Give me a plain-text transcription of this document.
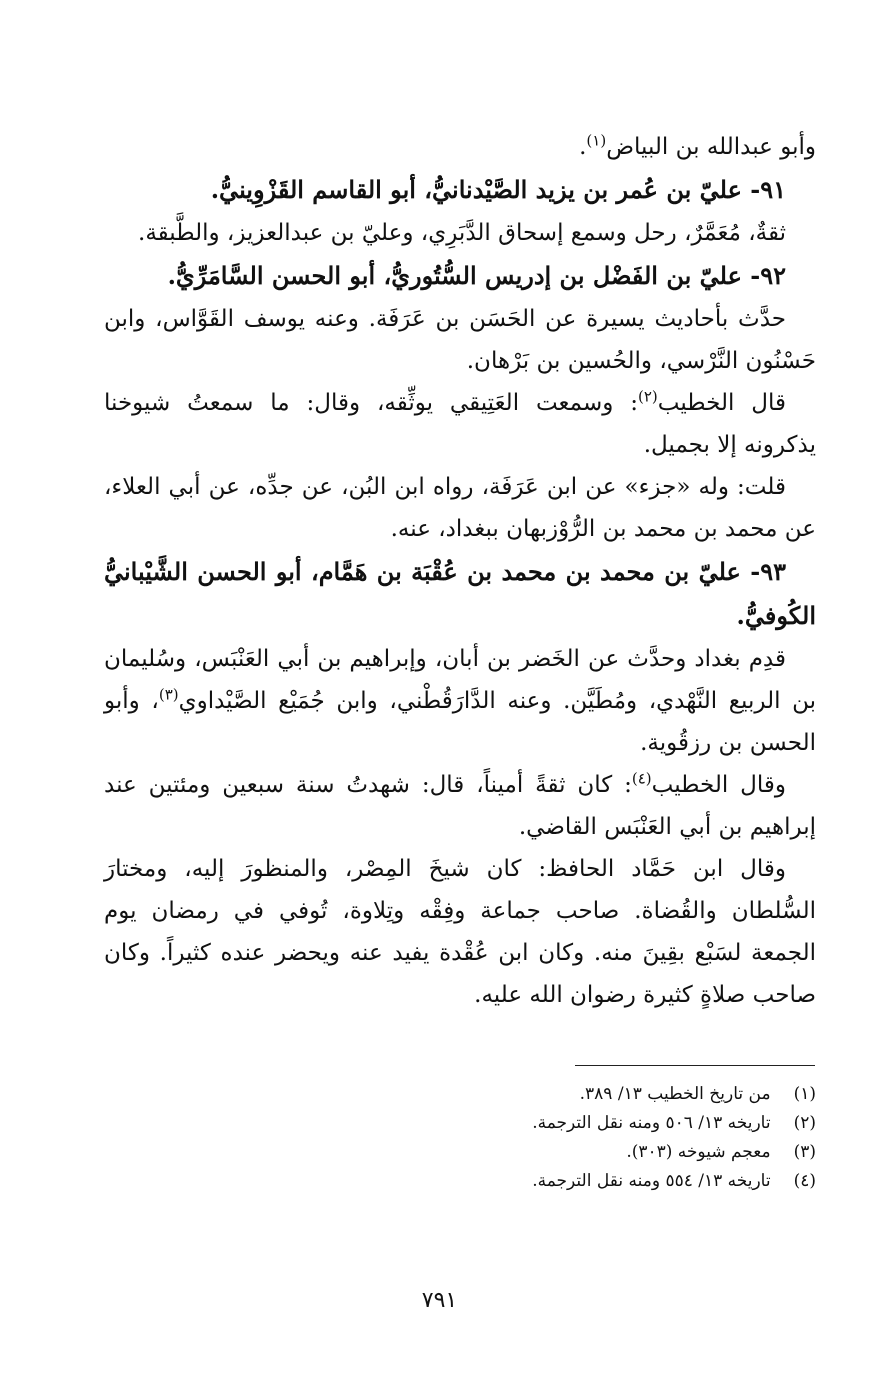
وأبو عبدالله بن البياض$^{(١)}$.

٩١- عليّ بن عُمر بن يزيد الصَّيْدنانيُّ، أبو القاسم القَزْوِينيُّ.

ثقةٌ، مُعَمَّرٌ، رحل وسمع إسحاق الدَّبَرِي، وعليّ بن عبدالعزيز، والطَّبقة.

٩٢- عليّ بن الفَضْل بن إدريس السُّتُوريُّ، أبو الحسن السَّامَرِّيُّ.

حدَّث بأحاديث يسيرة عن الحَسَن بن عَرَفَة. وعنه يوسف القَوَّاس، وابن حَسْنُون النَّرْسي، والحُسين بن بَرْهان.

قال الخطيب$^{(٢)}$: وسمعت العَتِيقي يوثِّقه، وقال: ما سمعتُ شيوخنا يذكرونه إلا بجميل.

قلت: وله «جزء» عن ابن عَرَفَة، رواه ابن البُن، عن جدِّه، عن أبي العلاء، عن محمد بن محمد بن الرُّوْزبهان ببغداد، عنه.

٩٣- عليّ بن محمد بن محمد بن عُقْبَة بن هَمَّام، أبو الحسن الشَّيْبانيُّ الكُوفيُّ.

قدِم بغداد وحدَّث عن الخَضر بن أبان، وإبراهيم بن أبي العَنْبَس، وسُليمان بن الربيع النَّهْدي، ومُطَيَّن. وعنه الدَّارَقُطْني، وابن جُمَيْع الصَّيْداوي$^{(٣)}$، وأبو الحسن بن رزقُوية.

وقال الخطيب$^{(٤)}$: كان ثقةً أميناً، قال: شهدتُ سنة سبعين ومئتين عند إبراهيم بن أبي العَنْبَس القاضي.

وقال ابن حَمَّاد الحافظ: كان شيخَ المِصْر، والمنظورَ إليه، ومختارَ السُّلطان والقُضاة. صاحب جماعة وفِقْه وتِلاوة، تُوفي في رمضان يوم الجمعة لسَبْع بقِينَ منه. وكان ابن عُقْدة يفيد عنه ويحضر عنده كثيراً. وكان صاحب صلاةٍ كثيرة رضوان الله عليه.

(١) من تاريخ الخطيب ١٣/ ٣٨٩.

(٢) تاريخه ١٣/ ٥٠٦ ومنه نقل الترجمة.

(٣) معجم شيوخه (٣٠٣).

(٤) تاريخه ١٣/ ٥٥٤ ومنه نقل الترجمة.

٧٩١
